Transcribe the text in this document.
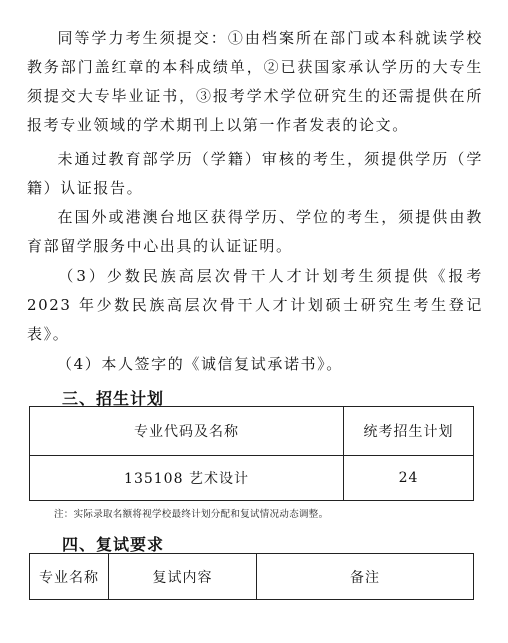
同等学力考生须提交：①由档案所在部门或本科就读学校教务部门盖红章的本科成绩单，②已获国家承认学历的大专生须提交大专毕业证书，③报考学术学位研究生的还需提供在所报考专业领域的学术期刊上以第一作者发表的论文。
未通过教育部学历（学籍）审核的考生，须提供学历（学籍）认证报告。
在国外或港澳台地区获得学历、学位的考生，须提供由教育部留学服务中心出具的认证证明。
（3）少数民族高层次骨干人才计划考生须提供《报考2023 年少数民族高层次骨干人才计划硕士研究生考生登记表》。
（4）本人签字的《诚信复试承诺书》。
三、招生计划
专业代码及名称	统考招生计划
135108 艺术设计	24
注：实际录取名额将视学校最终计划分配和复试情况动态调整。
四、复试要求
专业名称	复试内容	备注
